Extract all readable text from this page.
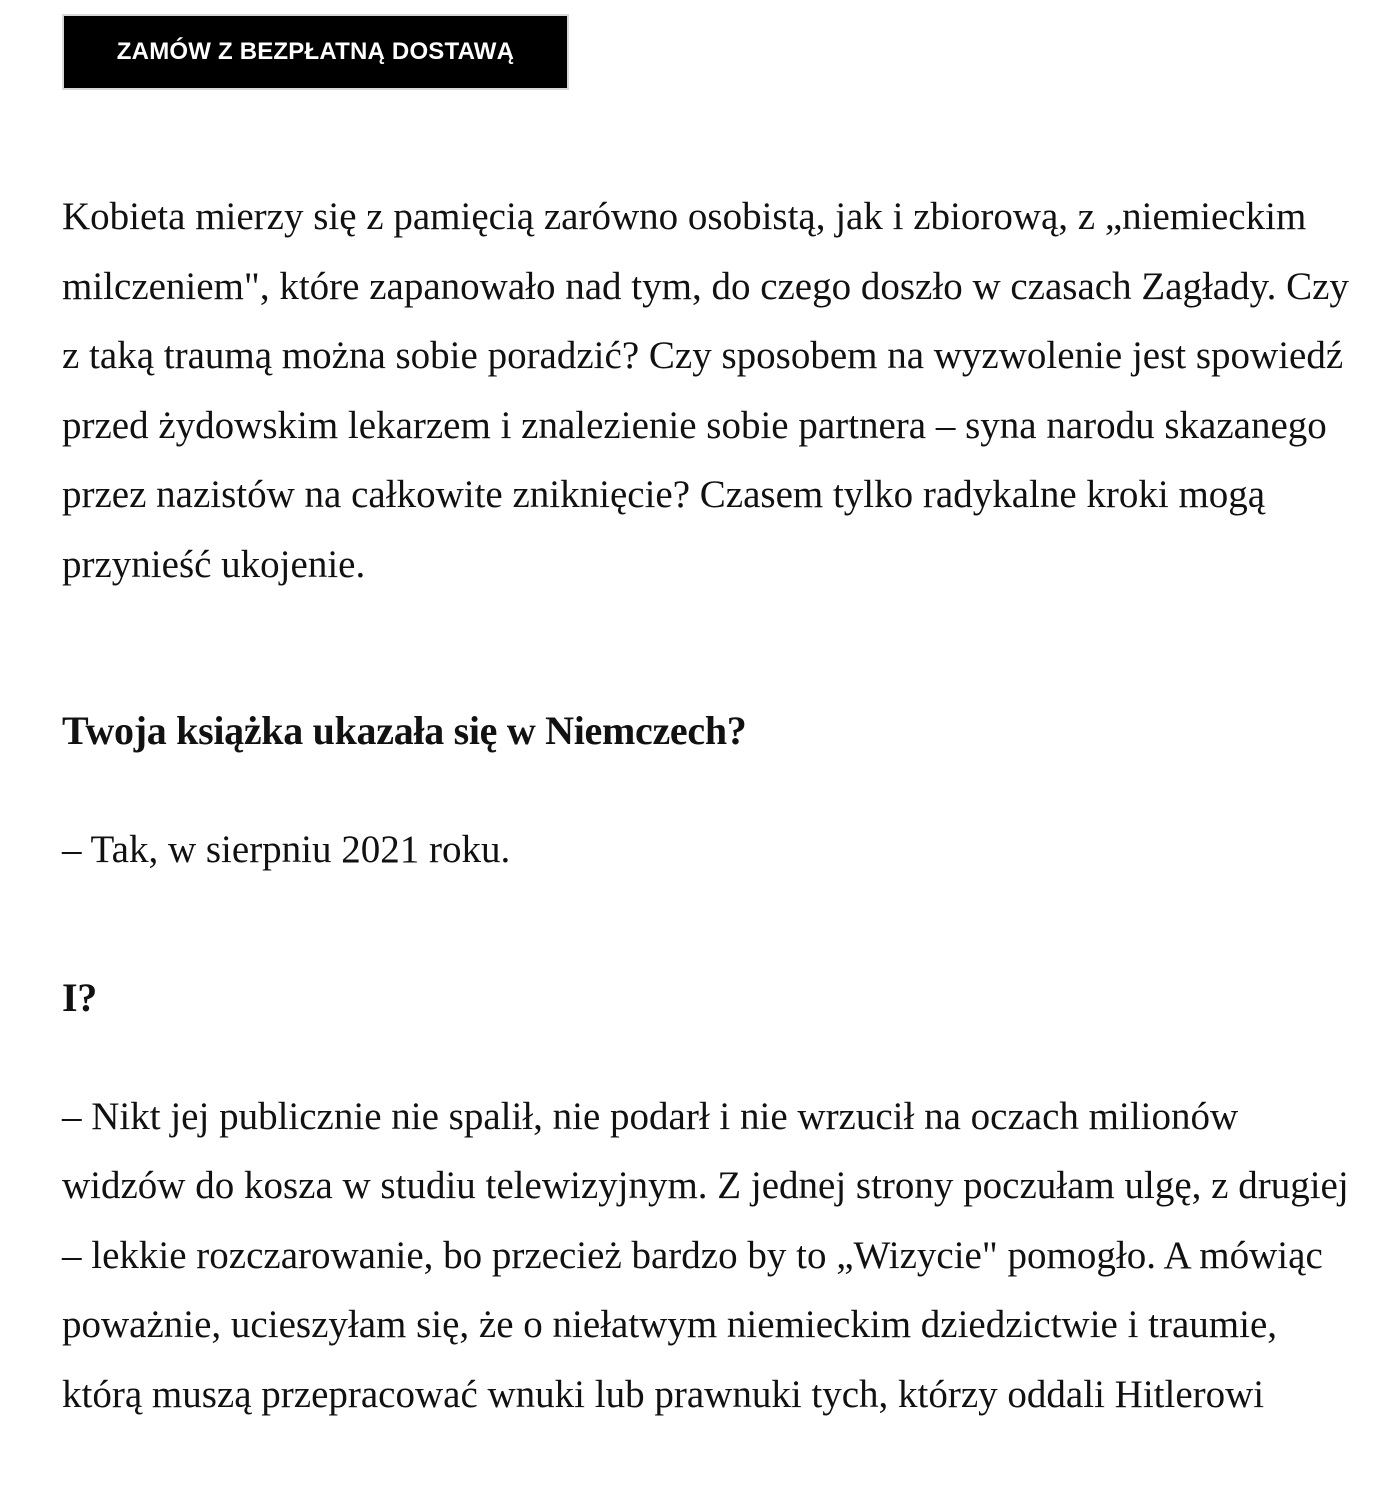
ZAMÓW Z BEZPŁATNĄ DOSTAWĄ

Kobieta mierzy się z pamięcią zarówno osobistą, jak i zbiorową, z „niemieckim milczeniem", które zapanowało nad tym, do czego doszło w czasach Zagłady. Czy z taką traumą można sobie poradzić? Czy sposobem na wyzwolenie jest spowiedź przed żydowskim lekarzem i znalezienie sobie partnera – syna narodu skazanego przez nazistów na całkowite zniknięcie? Czasem tylko radykalne kroki mogą przynieść ukojenie.

Twoja książka ukazała się w Niemczech?

– Tak, w sierpniu 2021 roku.

I?

– Nikt jej publicznie nie spalił, nie podarł i nie wrzucił na oczach milionów widzów do kosza w studiu telewizyjnym. Z jednej strony poczułam ulgę, z drugiej – lekkie rozczarowanie, bo przecież bardzo by to „Wizycie" pomogło. A mówiąc poważnie, ucieszyłam się, że o niełatwym niemieckim dziedzictwie i traumie, którą muszą przepracować wnuki lub prawnuki tych, którzy oddali Hitlerowi
